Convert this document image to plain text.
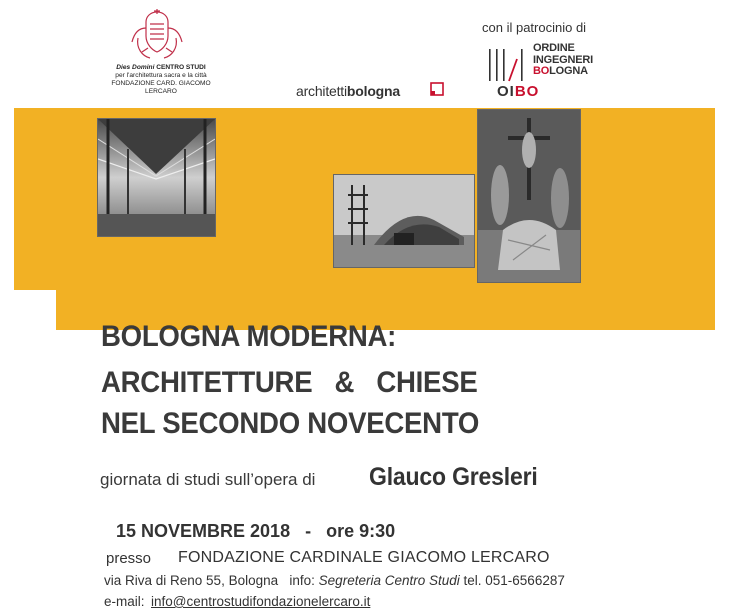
Dies Domini CENTRO STUDI
per l'architettura sacra e la città
FONDAZIONE CARD. GIACOMO LERCARO	architettibologna
con il patrocinio di
ORDINE
INGEGNERI
BOLOGNA
OIBO
BOLOGNA MODERNA:
ARCHITETTURE   &   CHIESE
NEL SECONDO NOVECENTO
giornata di studi sull’opera di Glauco Gresleri
15 NOVEMBRE 2018   -   ore 9:30
presso FONDAZIONE CARDINALE GIACOMO LERCARO
via Riva di Reno 55, Bologna info: Segreteria Centro Studi tel. 051-6566287
e-mail: info@centrostudifondazionelercaro.it
